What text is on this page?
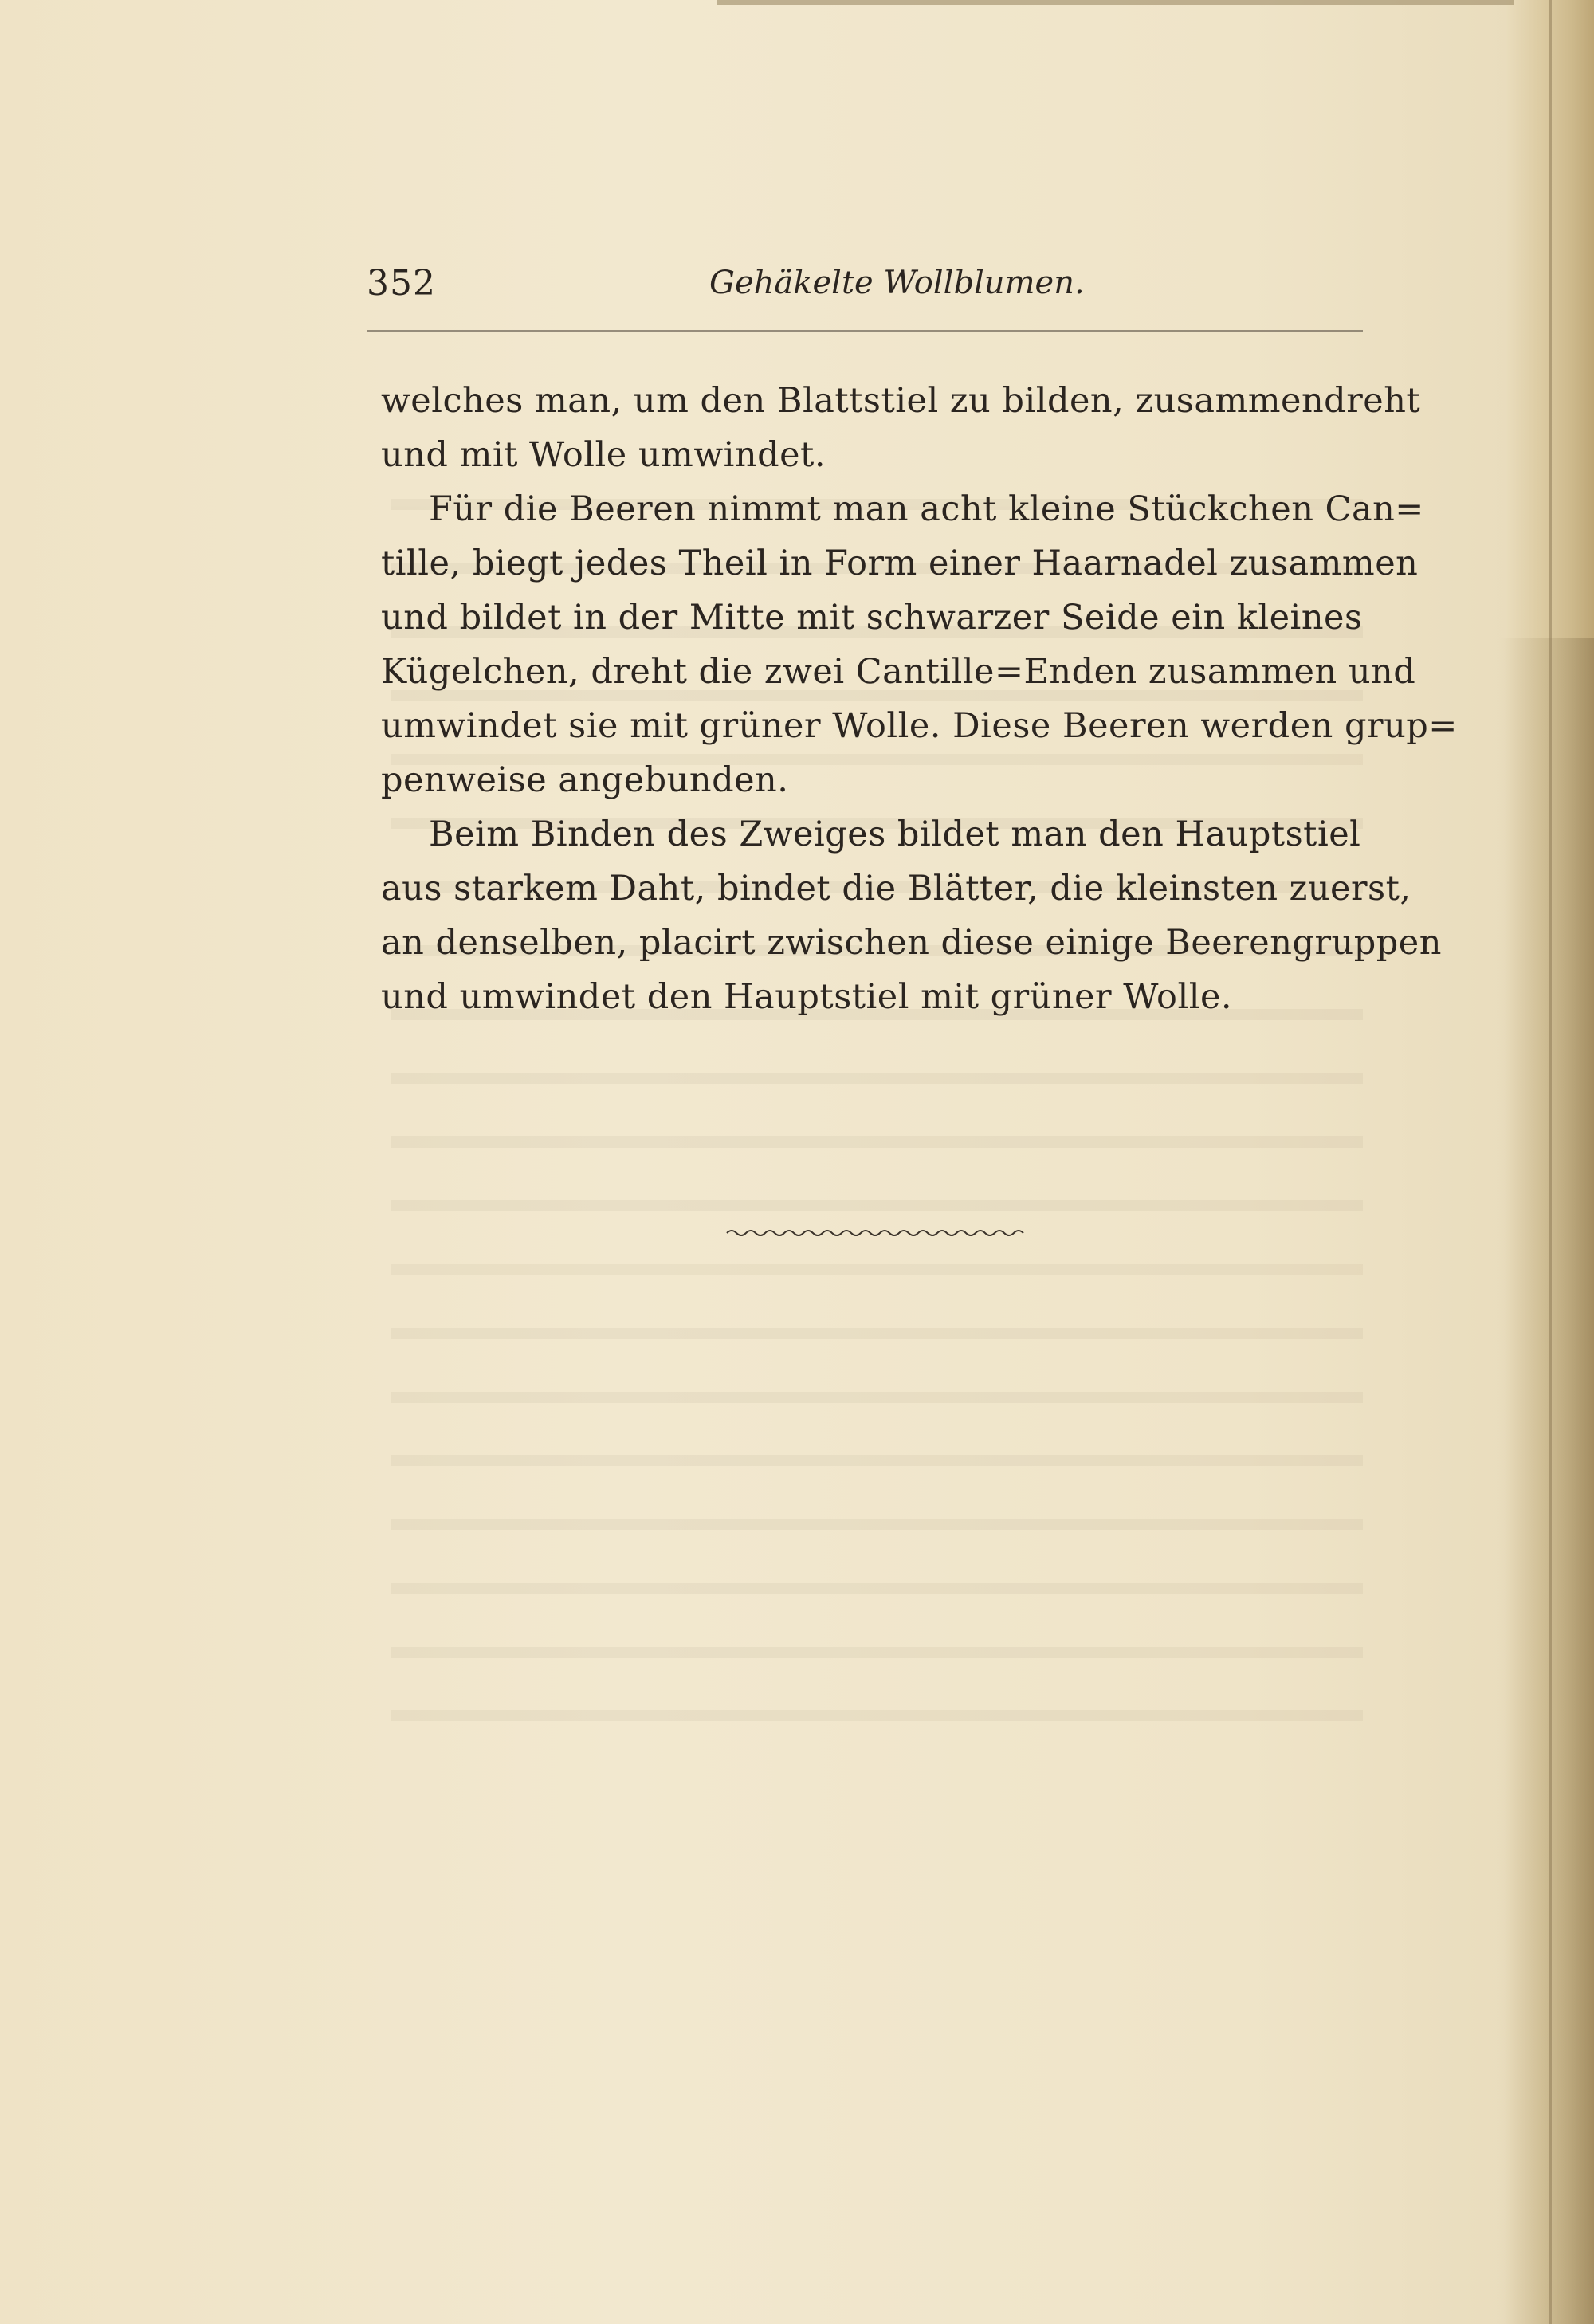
352	Gehäkelte Wollblumen.
welches man, um den Blattstiel zu bilden, zusammendreht
und mit Wolle umwindet.
Für die Beeren nimmt man acht kleine Stückchen Can=
tille, biegt jedes Theil in Form einer Haarnadel zusammen
und bildet in der Mitte mit schwarzer Seide ein kleines
Kügelchen, dreht die zwei Cantille=Enden zusammen und
umwindet sie mit grüner Wolle. Diese Beeren werden grup=
penweise angebunden.
Beim Binden des Zweiges bildet man den Hauptstiel
aus starkem Daht, bindet die Blätter, die kleinsten zuerst,
an denselben, placirt zwischen diese einige Beerengruppen
und umwindet den Hauptstiel mit grüner Wolle.
